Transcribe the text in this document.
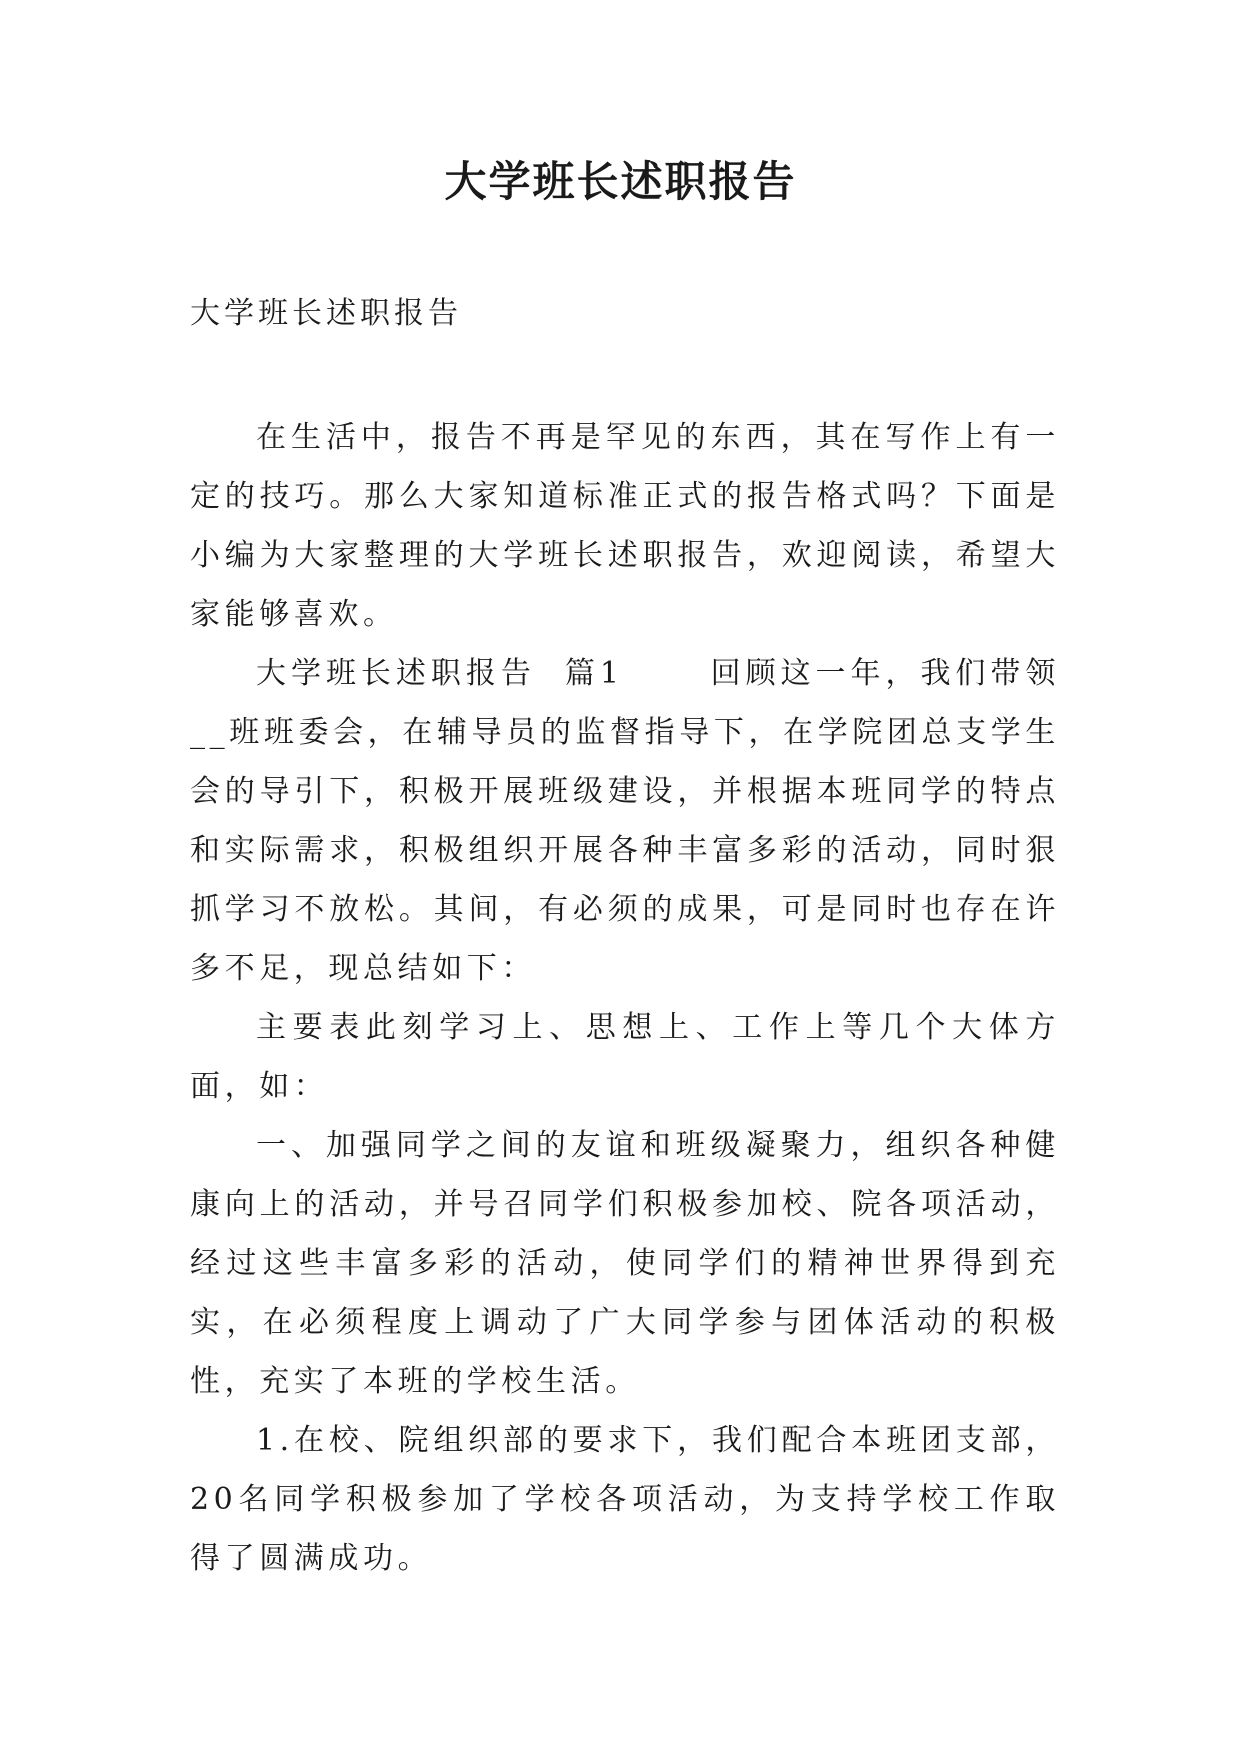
大学班长述职报告

大学班长述职报告

在生活中，报告不再是罕见的东西，其在写作上有一定的技巧。那么大家知道标准正式的报告格式吗？下面是小编为大家整理的大学班长述职报告，欢迎阅读，希望大家能够喜欢。

大学班长述职报告  篇1      回顾这一年，我们带领__班班委会，在辅导员的监督指导下，在学院团总支学生会的导引下，积极开展班级建设，并根据本班同学的特点和实际需求，积极组织开展各种丰富多彩的活动，同时狠抓学习不放松。其间，有必须的成果，可是同时也存在许多不足，现总结如下：

主要表此刻学习上、思想上、工作上等几个大体方面，如：

一、加强同学之间的友谊和班级凝聚力，组织各种健康向上的活动，并号召同学们积极参加校、院各项活动，经过这些丰富多彩的活动，使同学们的精神世界得到充实，在必须程度上调动了广大同学参与团体活动的积极性，充实了本班的学校生活。

1.在校、院组织部的要求下，我们配合本班团支部，20名同学积极参加了学校各项活动，为支持学校工作取得了圆满成功。
